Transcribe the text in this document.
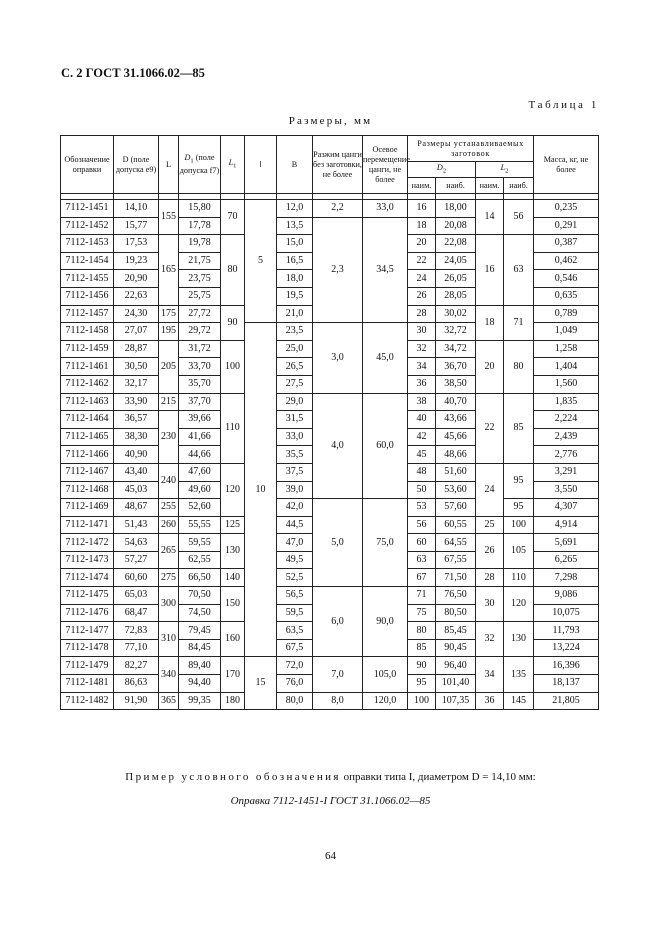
С. 2 ГОСТ 31.1066.02—85
Таблица 1
Размеры, мм
Обозначение оправки	D (поле допуска е9)	L	$D_1$ (поле допуска f7)	$L_1$	l	B	Разжим цанги без заготовки, не более	Осевое перемещение цанги, не более	Размеры устанавливаемых заготовок				Масса, кг, не более
									$D_2$		$L_2$
									наим.	наиб.	наим.	наиб.	

7112-1451	14,10	155	15,80	70	5	12,0	2,2	33,0	16	18,00	14	56	0,235
7112-1452	15,77		17,78			13,5	2,3	34,5	18	20,08			0,291
7112-1453	17,53	165	19,78	80		15,0			20	22,08	16	63	0,387
7112-1454	19,23		21,75			16,5			22	24,05			0,462
7112-1455	20,90		23,75			18,0			24	26,05			0,546
7112-1456	22,63		25,75			19,5			26	28,05			0,635
7112-1457	24,30	175	27,72	90		21,0			28	30,02	18	71	0,789
7112-1458	27,07	195	29,72		10	23,5	3,0	45,0	30	32,72			1,049
7112-1459	28,87	205	31,72	100		25,0			32	34,72	20	80	1,258
7112-1461	30,50		33,70			26,5			34	36,70			1,404
7112-1462	32,17		35,70			27,5			36	38,50			1,560
7112-1463	33,90	215	37,70	110		29,0	4,0	60,0	38	40,70	22	85	1,835
7112-1464	36,57	230	39,66			31,5			40	43,66			2,224
7112-1465	38,30		41,66			33,0			42	45,66			2,439
7112-1466	40,90		44,66			35,5			45	48,66			2,776
7112-1467	43,40	240	47,60	120		37,5			48	51,60	24	95	3,291
7112-1468	45,03		49,60			39,0			50	53,60			3,550
7112-1469	48,67	255	52,60			42,0	5,0	75,0	53	57,60		95	4,307
7112-1471	51,43	260	55,55	125		44,5			56	60,55	25	100	4,914
7112-1472	54,63	265	59,55	130		47,0			60	64,55	26	105	5,691
7112-1473	57,27		62,55			49,5			63	67,55			6,265
7112-1474	60,60	275	66,50	140		52,5			67	71,50	28	110	7,298
7112-1475	65,03	300	70,50	150		56,5	6,0	90,0	71	76,50	30	120	9,086
7112-1476	68,47		74,50			59,5			75	80,50			10,075
7112-1477	72,83	310	79,45	160		63,5			80	85,45	32	130	11,793
7112-1478	77,10		84,45			67,5			85	90,45			13,224
7112-1479	82,27	340	89,40	170	15	72,0	7,0	105,0	90	96,40	34	135	16,396
7112-1481	86,63		94,40			76,0			95	101,40			18,137
7112-1482	91,90	365	99,35	180		80,0	8,0	120,0	100	107,35	36	145	21,805
Пример условного обозначения оправки типа I, диаметром D = 14,10 мм:
Оправка 7112-1451-I ГОСТ 31.1066.02—85
64
